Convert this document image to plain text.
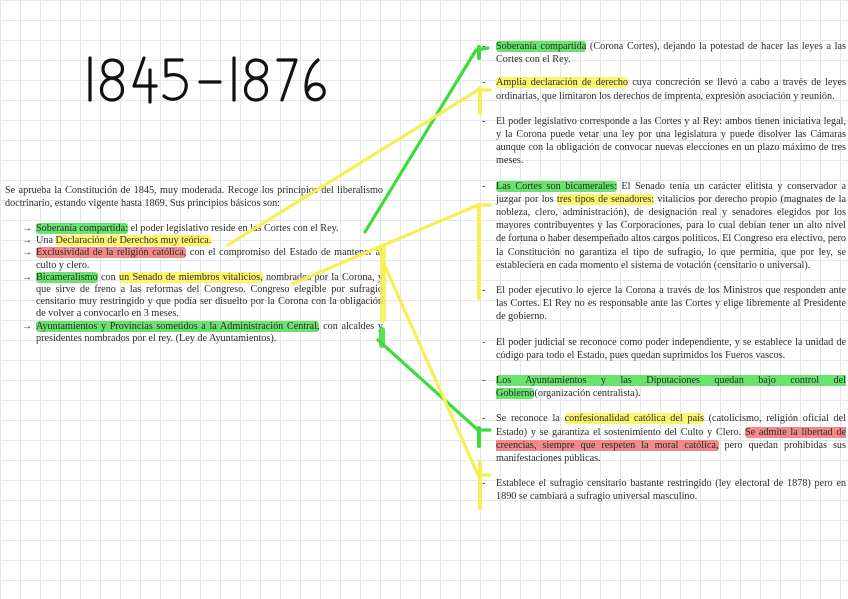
Se aprueba la Constitución de 1845, muy moderada. Recoge los principios del liberalismo doctrinario, estando vigente hasta 1869. Sus principios básicos son:
→ Soberanía compartida: el poder legislativo reside en las Cortes con el Rey.
→ Una Declaración de Derechos muy teórica.
→ Exclusividad de la religión católica, con el compromiso del Estado de mantener al culto y clero.
→ Bicameralismo con un Senado de miembros vitalicios, nombrados por la Corona, y que sirve de freno a las reformas del Congreso. Congreso elegible por sufragio censitario muy restringido y que podía ser disuelto por la Corona con la obligación de volver a convocarlo en 3 meses.
→ Ayuntamientos y Provincias sometidos a la Administración Central, con alcaldes y presidentes nombrados por el rey. (Ley de Ayuntamientos).
- Soberanía compartida (Corona Cortes), dejando la potestad de hacer las leyes a las Cortes con el Rey.
- Amplia declaración de derecho cuya concreción se llevó a cabo a través de leyes ordinarias, que limitaron los derechos de imprenta, expresión asociación y reunión.
- El poder legislativo corresponde a las Cortes y al Rey: ambos tienen iniciativa legal, y la Corona puede vetar una ley por una legislatura y puede disolver las Cámaras aunque con la obligación de convocar nuevas elecciones en un plazo máximo de tres meses.
- Las Cortes son bicamerales: El Senado tenía un carácter elitista y conservador a juzgar por los tres tipos de senadores: vitalicios por derecho propio (magnates de la nobleza, clero, administración), de designación real y senadores elegidos por los mayores contribuyentes y las Corporaciones, para lo cual debían tener un alto nivel de fortuna o haber desempeñado altos cargos políticos. El Congreso era electivo, pero la Constitución no garantiza el tipo de sufragio, lo que permitía, que por ley, se estableciera en cada momento el sistema de votación (censitario o universal).
- El poder ejecutivo lo ejerce la Corona a través de los Ministros que responden ante las Cortes. El Rey no es responsable ante las Cortes y elige libremente al Presidente de gobierno.
- El poder judicial se reconoce como poder independiente, y se establece la unidad de código para todo el Estado, pues quedan suprimidos los Fueros vascos.
- Los Ayuntamientos y las Diputaciones quedan bajo control del Gobierno(organización centralista).
- Se reconoce la confesionalidad católica del país (catolicismo, religión oficial del Estado) y se garantiza el sostenimiento del Culto y Clero. Se admite la libertad de creencias, siempre que respeten la moral católica, pero quedan prohibidas sus manifestaciones públicas.
- Establece el sufragio censitario bastante restringido (ley electoral de 1878) pero en 1890 se cambiará a sufragio universal masculino.
